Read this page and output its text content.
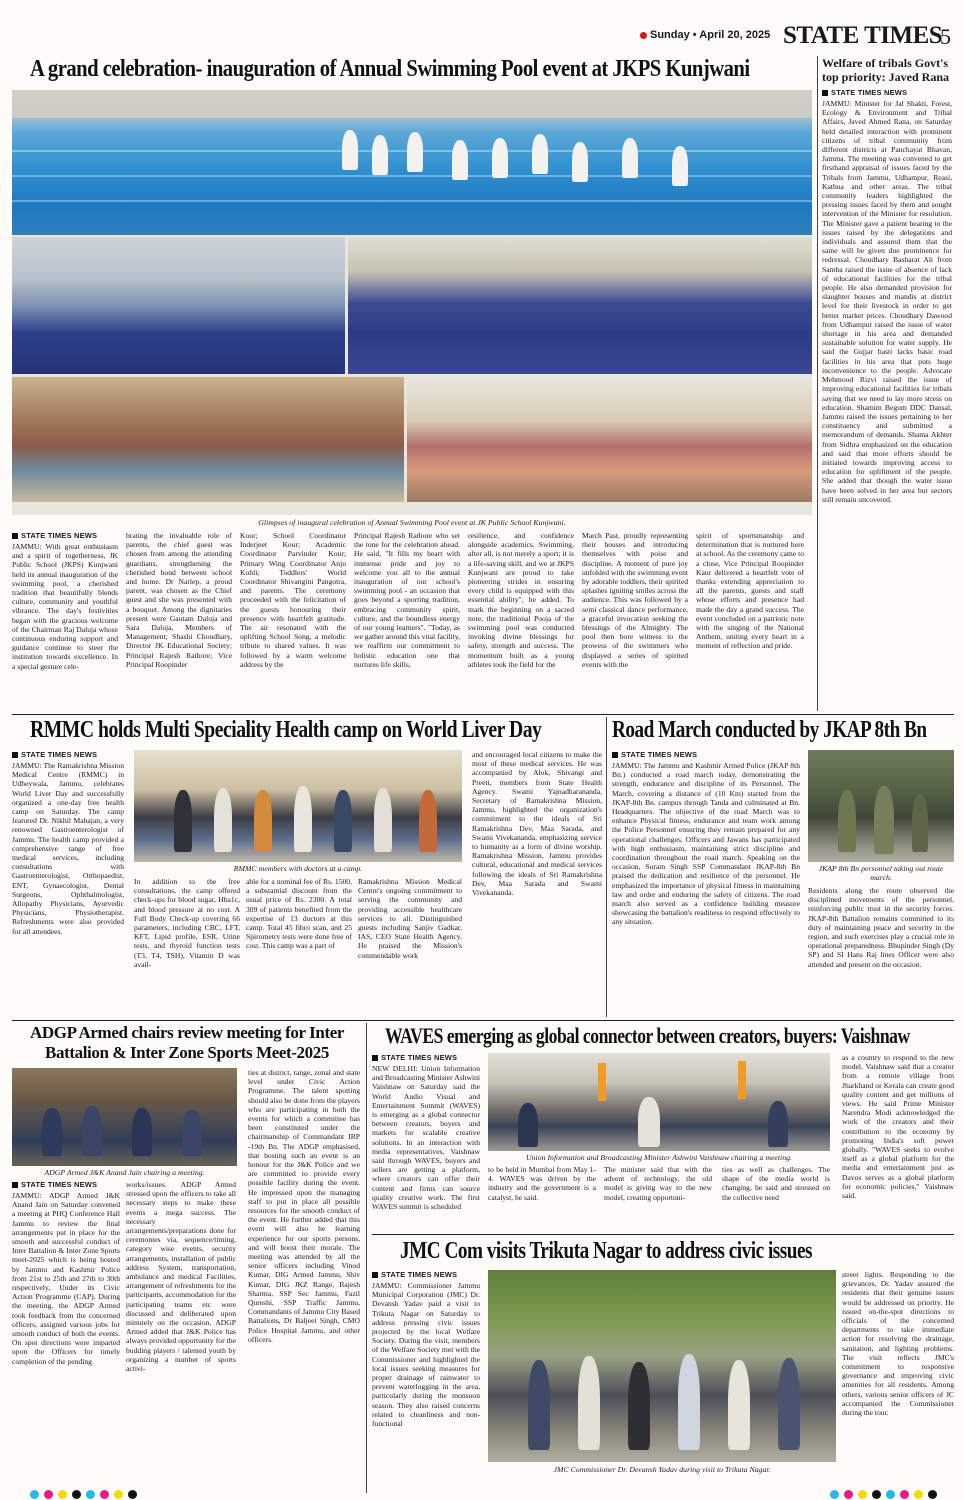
Sunday • April 20, 2025 STATE TIMES
5
A grand celebration- inauguration of Annual Swimming Pool event at JKPS Kunjwani
Glimpses of inaugural celebration of Annual Swimming Pool event at JK Public School Kunjwani.
STATE TIMES NEWS
JAMMU: With great enthusiasm and a spirit of togetherness, JK Public School (JKPS) Kunjwani held its annual inauguration of the swimming pool, a cherished tradition that beautifully blends culture, community and youthful vibrance. The day's festivities began with the gracious welcome of the Chairman Raj Daluja whose continuous enduring support and guidance continue to steer the institution towards excellence. In a special gesture cele-
brating the invaluable role of parents, the chief guest was chosen from among the attending guardians, strengthening the cherished bond between school and home. Dr Narlep, a proud parent, was chosen as the Chief guest and she was presented with a bouquet. Among the dignitaries present were Gautam Daluja and Sara Daluja, Members of Management; Shashi Choudhary, Director JK Educational Society; Principal Rajesh Rathore; Vice Principal Roopinder
Kour; School Coordinator Inderjeet Kour; Academic Coordinator Parvinder Kour; Primary Wing Coordinator Anju Kohli; Toddlers' World Coordinator Shivangini Pangotra, and parents. The ceremony proceeded with the felicitation of the guests honouring their presence with heartfelt gratitude. The air resonated with the uplifting School Song, a melodic tribute to shared values. It was followed by a warm welcome address by the
Principal Rajesh Rathore who set the tone for the celebration ahead. He said, "It fills my heart with immense pride and joy to welcome you all to the annual inauguration of our school's swimming pool - an occasion that goes beyond a sporting tradition, embracing community spirit, culture, and the boundless energy of our young learners". "Today, as we gather around this vital facility, we reaffirm our commitment to holistic education one that nurtures life skills,
resilience, and confidence alongside academics. Swimming, after all, is not merely a sport; it is a life-saving skill, and we at JKPS Kunjwani are proud to take pioneering strides in ensuring every child is equipped with this essential ability", he added. To mark the beginning on a sacred note, the traditional Pooja of the swimming pool was conducted invoking divine blessings for safety, strength and success. The momentum built as a young athletes took the field for the
March Past, proudly representing their houses and introducing themselves with poise and discipline. A moment of pure joy unfolded with the swimming event by adorable toddlers, their spirited splashes igniting smiles across the audience. This was followed by a semi classical dance performance, a graceful invocation seeking the blessings of the Almighty. The pool then bore witness to the prowess of the swimmers who displayed a series of spirited events with the
spirit of sportsmanship and determination that is nurtured here at school. As the ceremony came to a close, Vice Principal Roopinder Kaur delivered a heartfelt vote of thanks extending appreciation to all the parents, guests and staff whose efforts and presence had made the day a grand success. The event concluded on a patriotic note with the singing of the National Anthem, uniting every heart in a moment of reflection and pride.
Welfare of tribals Govt's top priority: Javed Rana
STATE TIMES NEWS
JAMMU: Minister for Jal Shakti, Forest, Ecology & Environment and Tribal Affairs, Javed Ahmed Rana, on Saturday held detailed interaction with prominent citizens of tribal community from different districts at Panchayat Bhavan, Jamma. The meeting was convened to get firsthand appraisal of issues faced by the Tribals from Jammu, Udhampur, Reasi, Kathua and other areas. The tribal community leaders highlighted the pressing issues faced by them and sought intervention of the Minister for resolution. The Minister gave a patient hearing to the issues raised by the delegations and individuals and assured them that the same will be given due prominence for redressal. Choudhary Basharat Ali from Samba raised the issue of absence of lack of educational facilities for the tribal people. He also demanded provision for slaughter houses and mandis at district level for their livestock in order to get better market prices. Choudhary Dawood from Udhampur raised the issue of water shortage in his area and demanded sustainable solution for water supply. He said the Gujjar basti lacks basic road facilities in his area that puts huge inconvenience to the people. Advocate Mehmood Rizvi raised the issue of improving educational facilities for tribals saying that we need to lay more stress on education. Shamim Begum DDC Dansal, Jammu raised the issues pertaining to her constituency and submitted a memorandum of demands. Shama Akhter from Sidhra emphasized on the education and said that more efforts should be initiated towards improving access to education for upliftment of the people. She added that though the water issue have been solved in her area but sectors still remain uncovered.
RMMC holds Multi Speciality Health camp on World Liver Day
STATE TIMES NEWS
JAMMU: The Ramakrishna Mission Medical Centre (RMMC) in Udheywala, Jammu, celebrates World Liver Day and successfully organized a one-day free health camp on Saturday. The camp featured Dr. Nikhil Mahajan, a very renowned Gastroenterologist of Jammu. The health camp provided a comprehensive range of free medical services, including consultations with Gastroenterologist, Orthopaedist, ENT, Gynaecologist, Dental Surgeons, Ophthalmologist, Allopathy Physicians, Ayurvedic Physicians, Physiotherapist. Refreshments were also provided for all attendees.
RMMC members with doctors at a camp.
In addition to the free consultations, the camp offered check-ups for blood sugar, Hba1c, and blood pressure at no cost. A Full Body Check-up covering 66 parameters, including CBC, LFT, KFT, Lipid profile, ESR, Urine tests, and thyroid function tests (T3, T4, TSH), Vitamin D was avail-
able for a nominal fee of Rs. 1500, a substantial discount from the usual price of Rs. 2300. A total 309 of patients benefited from the expertise of 13 doctors at this camp. Total 45 fibro scan, and 25 Spirometry tests were done free of cost. This camp was a part of
Ramakrishna Mission Medical Centre's ongoing commitment to serving the community and providing accessible healthcare services to all. Distinguished guests including Sanjiv Gadkar, IAS, CEO State Health Agency. He praised the Mission's commendable work
and encouraged local citizens to make the most of these medical services. He was accompanied by Alok, Shivangi and Preeti, members from State Health Agency. Swami Yajnadharananda, Secretary of Ramakrishna Mission, Jammu, highlighted the organization's commitment to the ideals of Sri Ramakrishna Dev, Maa Sarada, and Swami Vivekananda, emphasizing service to humanity as a form of divine worship. Ramakrishna Mission, Jammu provides cultural, educational and medical services following the ideals of Sri Ramakrishna Dev, Maa Sarada and Swami Vivekananda.
Road March conducted by JKAP 8th Bn
STATE TIMES NEWS
JAMMU: The Jammu and Kashmir Armed Police (JKAP 8th Bn.) conducted a road march today, demonstrating the strength, endurance and discipline of its Personnel. The March, covering a distance of (10 Km) started from the JKAP-8th Bn. campus through Tanda and culminated at Bn. Headquarters. The objective of the road March was to enhance Physical fitness, endurance and team work among the Police Personnel ensuring they remain prepared for any operational challenges. Officers and Jawans has participated with high enthusiasm, maintaining strict discipline and coordination throughout the road march. Speaking on the occasion, Suram Singh SSP Commandant JKAP-8th Bn praised the dedication and resilience of the personnel. He emphasized the importance of physical fitness in maintaining law and order and enduring the safety of citizens. The road march also served as a confidence building measure showcasing the battalion's readiness to respond effectively to any situation.
JKAP 8th Bn personnel taking out route march.
Residents along the route observed the disciplined movements of the personnel, reinforcing public trust in the security forces. JKAP-8th Battalion remains committed to its duty of maintaining peace and security in the region, and such exercises play a crucial role in operational preparedness. Bhupinder Singh (Dy SP) and SI Hans Raj lines Officer were also attended and present on the occasion.
ADGP Armed chairs review meeting for Inter Battalion & Inter Zone Sports Meet-2025
ADGP Armed J&K Anand Jain chairing a meeting.
STATE TIMES NEWS
JAMMU: ADGP Armed J&K Anand Jain on Saturday convened a meeting at PHQ Conference Hall Jammu to review the final arrangements put in place for the smooth and successful conduct of Inter Battalion & Inter Zone Sports meet-2025 which is being hosted by Jammu and Kashmir Police from 21st to 25th and 27th to 30th respectively, Under its Civic Action Programme (CAP). During the meeting, the ADGP Armed took feedback from the concerned officers, assigned various jobs for smooth conduct of both the events. On spot directions were imparted upon the Officers for timely completion of the pending
works/issues. ADGP Armed stressed upon the officers to take all necessary steps to make these events a mega success. The necessary arrangements/preparations done for ceremonies via, sequence/timing, category wise events, security arrangements, installation of public address System, transportation, ambulance and medical Facilities, arrangement of refreshments for the participants, accommodation for the participating teams etc were discussed and deliberated upon minutely on the occasion. ADGP Armed added that J&K Police has always provided opportunity for the budding players / talented youth by organizing a number of sports activi-
ties at district, range, zonal and state level under Civic Action Programme. The talent spotting should also be done from the players who are participating in both the events for which a committee has been constituted under the chairmanship of Commandant IRP -19th Bn. The ADGP emphasised, that hosting such an event is an honour for the J&K Police and we are committed to provide every possible facility during the event. He impressed upon the managing staff to put in place all possible resources for the smooth conduct of the event. He further added that this event will also be learning experience for our sports persons, and will boost their morale. The meeting was attended by all the senior officers including Vinod Kumar, DIG Armed Jammu, Shiv Kumar, DIG JKZ Range, Rajesh Sharma, SSP Sec Jammu, Fazil Qureshi, SSP Traffic Jammu, Commandants of Jammu City Based Battalions, Dr Baljeet Singh, CMO Police Hospital Jammu, and other officers.
WAVES emerging as global connector between creators, buyers: Vaishnaw
STATE TIMES NEWS
NEW DELHI: Union Information and Broadcasting Minister Ashwini Vaishnaw on Saturday said the World Audio Visual and Entertainment Summit (WAVES) is emerging as a global connector between creators, buyers and markets for scalable creative solutions. In an interaction with media representatives, Vaishnaw said through WAVES, buyers and sellers are getting a platform, where creators can offer their content and firms can source quality creative work. The first WAVES summit is scheduled
Union Information and Broadcasting Minister Ashwini Vaishnaw chairing a meeting.
to be held in Mumbai from May 1-4. WAVES was driven by the industry and the government is a catalyst, he said.
The minister said that with the advent of technology, the old model is giving way to the new model, creating opportuni-
ties as well as challenges. The shape of the media world is changing, he said and stressed on the collective need
as a country to respond to the new model. Vaishnaw said that a creator from a remote village from Jharkhand or Kerala can create good quality content and get millions of views. He said Prime Minister Narendra Modi acknowledged the work of the creators and their contribution to the economy by promoting India's soft power globally. "WAVES seeks to evolve itself as a global platform for the media and entertainment just as Davos serves as a global platform for economic policies," Vaishnaw said.
JMC Com visits Trikuta Nagar to address civic issues
STATE TIMES NEWS
JAMMU: Commissioner Jammu Municipal Corporation (JMC) Dr. Devansh Yadav paid a visit to Trikuta Nagar on Saturday to address pressing civic issues projected by the local Welfare Society. During the visit, members of the Welfare Society met with the Commissioner and highlighted the local issues seeking measures for proper drainage of rainwater to prevent waterlogging in the area, particularly during the monsoon season. They also raised concerns related to cleanliness and non-functional
JMC Commissioner Dr. Devansh Yadav during visit to Trikuta Nagar.
street lights. Responding to the grievances, Dr. Yadav assured the residents that their genuine issues would be addressed on priority. He issued on-the-spot directions to officials of the concerned departments to take immediate action for resolving the drainage, sanitation, and lighting problems. The visit reflects JMC's commitment to responsive governance and improving civic amenities for all residents. Among others, various senior officers of JC accompanied the Commissioner during the tour.
